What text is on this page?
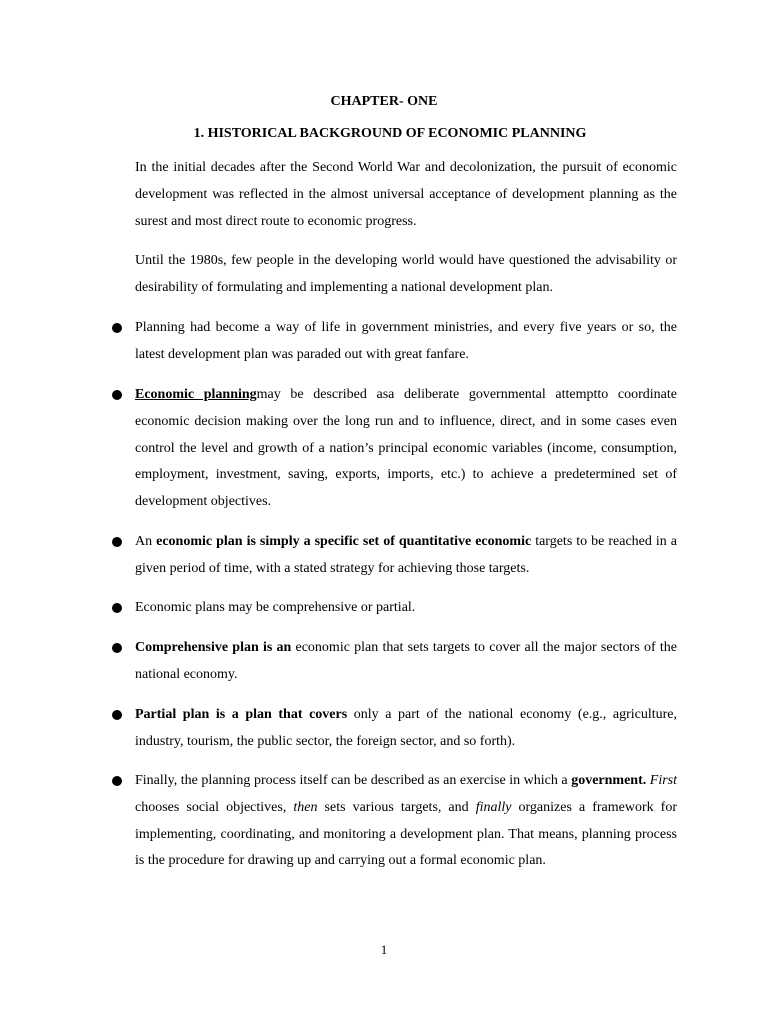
CHAPTER- ONE
1. HISTORICAL BACKGROUND OF ECONOMIC PLANNING
In the initial decades after the Second World War and decolonization, the pursuit of economic development was reflected in the almost universal acceptance of development planning as the surest and most direct route to economic progress.
Until the 1980s, few people in the developing world would have questioned the advisability or desirability of formulating and implementing a national development plan.
Planning had become a way of life in government ministries, and every five years or so, the latest development plan was paraded out with great fanfare.
Economic planningmay be described asa deliberate governmental attemptto coordinate economic decision making over the long run and to influence, direct, and in some cases even control the level and growth of a nation’s principal economic variables (income, consumption, employment, investment, saving, exports, imports, etc.) to achieve a predetermined set of development objectives.
An economic plan is simply a specific set of quantitative economic targets to be reached in a given period of time, with a stated strategy for achieving those targets.
Economic plans may be comprehensive or partial.
Comprehensive plan is an economic plan that sets targets to cover all the major sectors of the national economy.
Partial plan is a plan that covers only a part of the national economy (e.g., agriculture, industry, tourism, the public sector, the foreign sector, and so forth).
Finally, the planning process itself can be described as an exercise in which a government. First chooses social objectives, then sets various targets, and finally organizes a framework for implementing, coordinating, and monitoring a development plan. That means, planning process is the procedure for drawing up and carrying out a formal economic plan.
1
